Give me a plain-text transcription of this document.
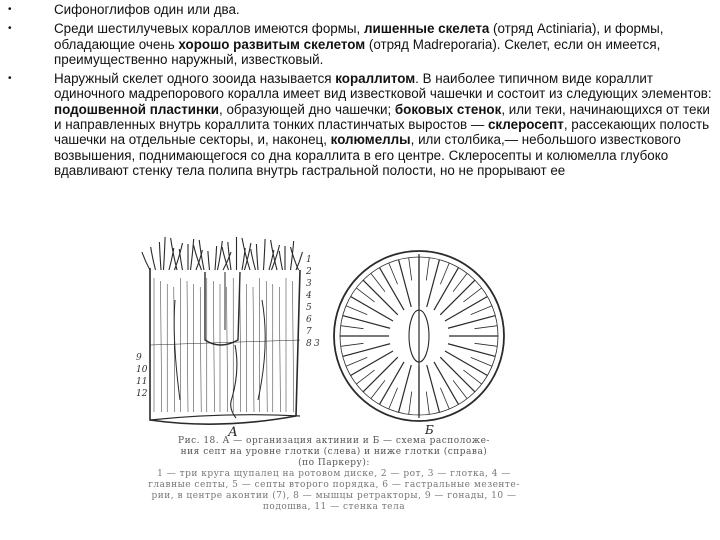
•	Сифоноглифов один или два.
•	Среди шестилучевых кораллов имеются формы, лишенные скелета (отряд Actiniaria), и формы, обладающие очень хорошо развитым скелетом (отряд Madreporaria). Скелет, если он имеется, преимущественно наружный, известковый.
•	Наружный скелет одного зооида называется кораллитом. В наиболее типичном виде кораллит одиночного мадрепорового коралла имеет вид известковой чашечки и состоит из следующих элементов: подошвенной пластинки, образующей дно чашечки; боковых стенок, или теки, начинающихся от теки и направленных внутрь кораллита тонких пластинчатых выростов — склеросепт, рассекающих полость чашечки на отдельные секторы, и, наконец, колюмеллы, или столбика,— небольшого известкового возвышения, поднимающегося со дна кораллита в его центре. Склеросепты и колюмелла глубоко вдавливают стенку тела полипа внутрь гастральной полости, но не прорывают ее
1 2 3 4 5 6 7 8 9 10 11 12
3
А	Б
Рис. 18. А — организация актинии и Б — схема расположе-
ния септ на уровне глотки (слева) и ниже глотки (справа)
(по Паркеру):
1 — три круга щупалец на ротовом диске, 2 — рот, 3 — глотка, 4 —
главные септы, 5 — септы второго порядка, 6 — гастральные мезенте-
рии, в центре аконтии (7), 8 — мышцы ретракторы, 9 — гонады, 10 —
подошва, 11 — стенка тела
